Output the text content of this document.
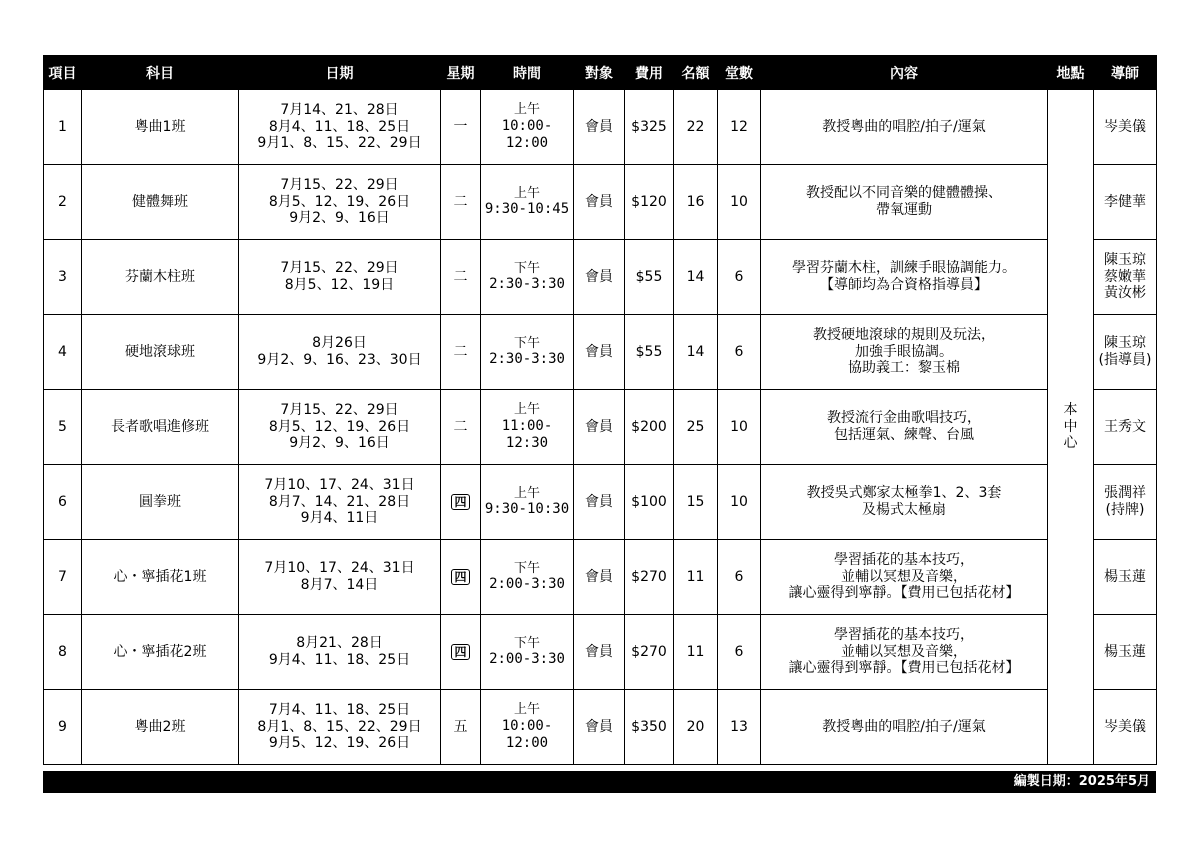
項目	科目	日期	星期	時間	對象	費用	名額	堂數	內容	地點	導師
1	粵曲1班	7月14、21、28日
8月4、11、18、25日
9月1、8、15、22、29日	一	上午
10:00-12:00	會員	$325	22	12	教授粵曲的唱腔/拍子/運氣	本
中
心	岑美儀
2	健體舞班	7月15、22、29日
8月5、12、19、26日
9月2、9、16日	二	上午
9:30-10:45	會員	$120	16	10	教授配以不同音樂的健體體操、
帶氧運動		李健華
3	芬蘭木柱班	7月15、22、29日
8月5、12、19日	二	下午
2:30-3:30	會員	$55	14	6	學習芬蘭木柱，訓練手眼協調能力。
【導師均為合資格指導員】		陳玉琼
蔡嫩華
黃汝彬
4	硬地滾球班	8月26日
9月2、9、16、23、30日	二	下午
2:30-3:30	會員	$55	14	6	教授硬地滾球的規則及玩法，
加強手眼協調。
協助義工：黎玉棉		陳玉琼
(指導員)
5	長者歌唱進修班	7月15、22、29日
8月5、12、19、26日
9月2、9、16日	二	上午
11:00-12:30	會員	$200	25	10	教授流行金曲歌唱技巧，
包括運氣、練聲、台風		王秀文
6	圓拳班	7月10、17、24、31日
8月7、14、21、28日
9月4、11日	四	上午
9:30-10:30	會員	$100	15	10	教授吳式鄭家太極拳1、2、3套
及楊式太極扇		張潤祥
(持牌)
7	心・寧插花1班	7月10、17、24、31日
8月7、14日	四	下午
2:00-3:30	會員	$270	11	6	學習插花的基本技巧，
並輔以冥想及音樂，
讓心靈得到寧靜。【費用已包括花材】		楊玉蓮
8	心・寧插花2班	8月21、28日
9月4、11、18、25日	四	下午
2:00-3:30	會員	$270	11	6	學習插花的基本技巧，
並輔以冥想及音樂，
讓心靈得到寧靜。【費用已包括花材】		楊玉蓮
9	粵曲2班	7月4、11、18、25日
8月1、8、15、22、29日
9月5、12、19、26日	五	上午
10:00-12:00	會員	$350	20	13	教授粵曲的唱腔/拍子/運氣		岑美儀
編製日期：2025年5月
